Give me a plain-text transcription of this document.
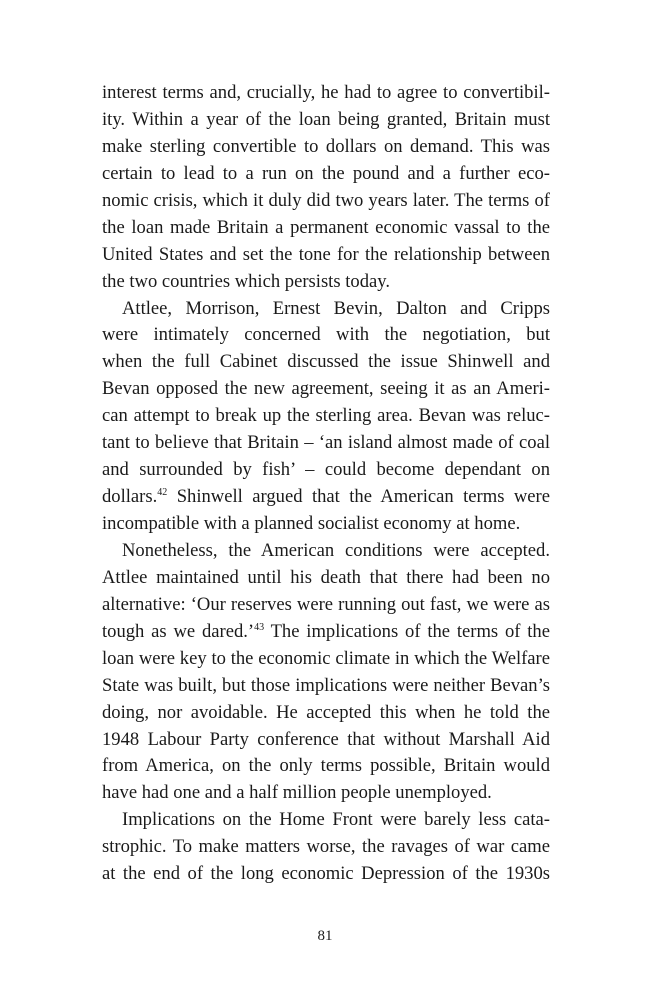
interest terms and, crucially, he had to agree to convertibil-
ity. Within a year of the loan being granted, Britain must
make sterling convertible to dollars on demand. This was
certain to lead to a run on the pound and a further eco-
nomic crisis, which it duly did two years later. The terms of
the loan made Britain a permanent economic vassal to the
United States and set the tone for the relationship between
the two countries which persists today.
Attlee, Morrison, Ernest Bevin, Dalton and Cripps
were intimately concerned with the negotiation, but
when the full Cabinet discussed the issue Shinwell and
Bevan opposed the new agreement, seeing it as an Ameri-
can attempt to break up the sterling area. Bevan was reluc-
tant to believe that Britain – ‘an island almost made of coal
and surrounded by fish’ – could become dependant on
dollars.$^{42}$ Shinwell argued that the American terms were
incompatible with a planned socialist economy at home.
Nonetheless, the American conditions were accepted.
Attlee maintained until his death that there had been no
alternative: ‘Our reserves were running out fast, we were as
tough as we dared.’$^{43}$ The implications of the terms of the
loan were key to the economic climate in which the Welfare
State was built, but those implications were neither Bevan’s
doing, nor avoidable. He accepted this when he told the
1948 Labour Party conference that without Marshall Aid
from America, on the only terms possible, Britain would
have had one and a half million people unemployed.
Implications on the Home Front were barely less cata-
strophic. To make matters worse, the ravages of war came
at the end of the long economic Depression of the 1930s
81
